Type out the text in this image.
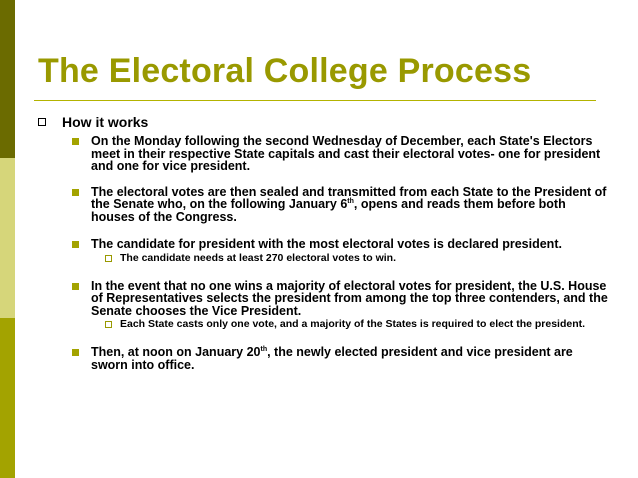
The Electoral College Process
How it works
On the Monday following the second Wednesday of December, each State's Electors meet in their respective State capitals and cast their electoral votes- one for president and one for vice president.
The electoral votes are then sealed and transmitted from each State to the President of the Senate who, on the following January 6th, opens and reads them before both houses of the Congress.
The candidate for president with the most electoral votes is declared president.
The candidate needs at least 270 electoral votes to win.
In the event that no one wins a majority of electoral votes for president, the U.S. House of Representatives selects the president from among the top three contenders, and the Senate chooses the Vice President.
Each State casts only one vote, and a majority of the States is required to elect the president.
Then, at noon on January 20th, the newly elected president and vice president are sworn into office.
